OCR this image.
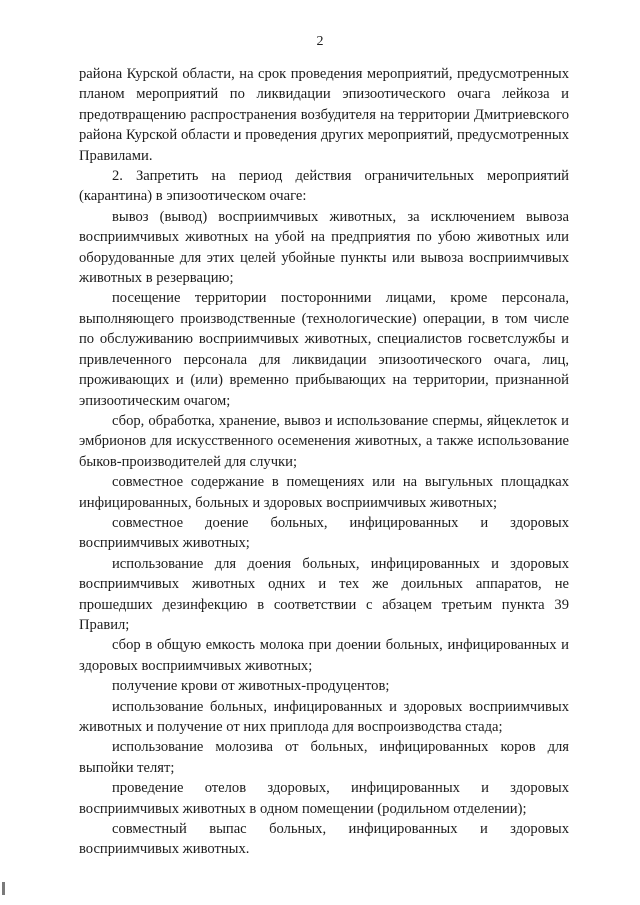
2

района Курской области, на срок проведения мероприятий, предусмотренных планом мероприятий по ликвидации эпизоотического очага лейкоза и предотвращению распространения возбудителя на территории Дмитриевского района Курской области и проведения других мероприятий, предусмотренных Правилами.

2. Запретить на период действия ограничительных мероприятий (карантина) в эпизоотическом очаге:

вывоз (вывод) восприимчивых животных, за исключением вывоза восприимчивых животных на убой на предприятия по убою животных или оборудованные для этих целей убойные пункты или вывоза восприимчивых животных в резервацию;

посещение территории посторонними лицами, кроме персонала, выполняющего производственные (технологические) операции, в том числе по обслуживанию восприимчивых животных, специалистов госветслужбы и привлеченного персонала для ликвидации эпизоотического очага, лиц, проживающих и (или) временно прибывающих на территории, признанной эпизоотическим очагом;

сбор, обработка, хранение, вывоз и использование спермы, яйцеклеток и эмбрионов для искусственного осеменения животных, а также использование быков-производителей для случки;

совместное содержание в помещениях или на выгульных площадках инфицированных, больных и здоровых восприимчивых животных;

совместное доение больных, инфицированных и здоровых восприимчивых животных;

использование для доения больных, инфицированных и здоровых восприимчивых животных одних и тех же доильных аппаратов, не прошедших дезинфекцию в соответствии с абзацем третьим пункта 39 Правил;

сбор в общую емкость молока при доении больных, инфицированных и здоровых восприимчивых животных;

получение крови от животных-продуцентов;

использование больных, инфицированных и здоровых восприимчивых животных и получение от них приплода для воспроизводства стада;

использование молозива от больных, инфицированных коров для выпойки телят;

проведение отелов здоровых, инфицированных и здоровых восприимчивых животных в одном помещении (родильном отделении);

совместный выпас больных, инфицированных и здоровых восприимчивых животных.
